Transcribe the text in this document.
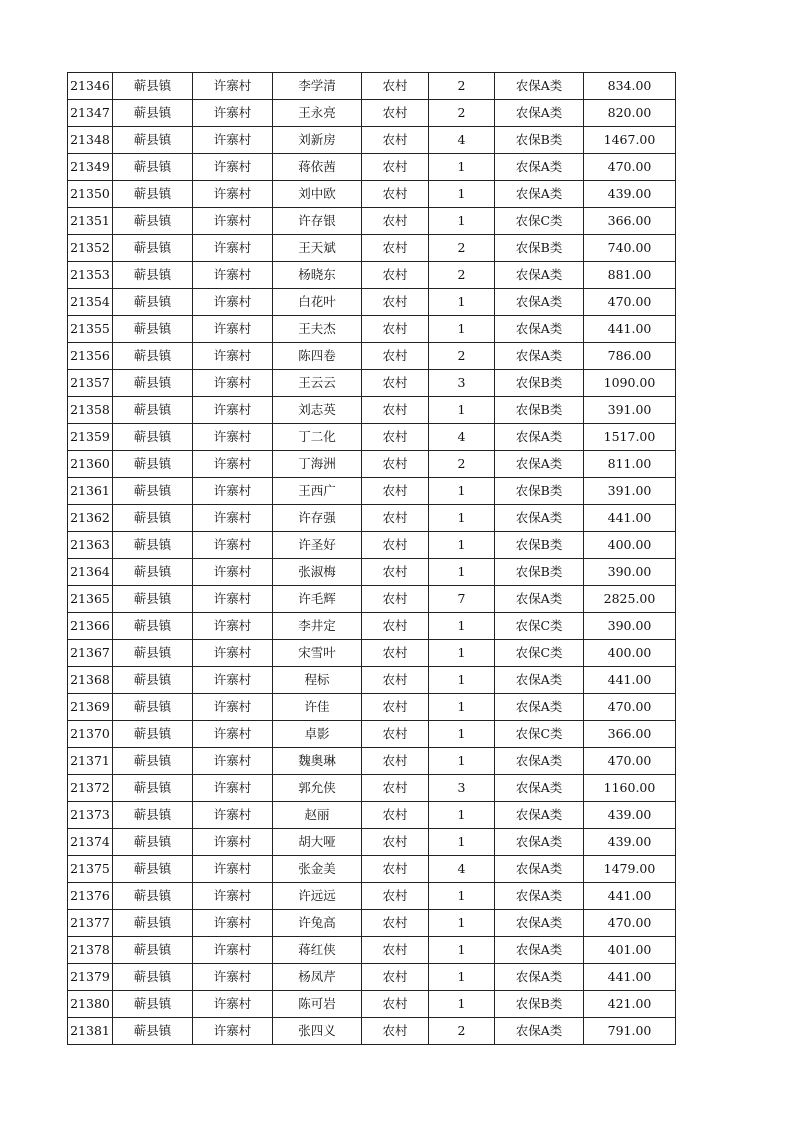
21346	蕲县镇	许寨村	李学清	农村	2	农保A类	834.00
21347	蕲县镇	许寨村	王永亮	农村	2	农保A类	820.00
21348	蕲县镇	许寨村	刘新房	农村	4	农保B类	1467.00
21349	蕲县镇	许寨村	蒋依茜	农村	1	农保A类	470.00
21350	蕲县镇	许寨村	刘中欧	农村	1	农保A类	439.00
21351	蕲县镇	许寨村	许存银	农村	1	农保C类	366.00
21352	蕲县镇	许寨村	王天斌	农村	2	农保B类	740.00
21353	蕲县镇	许寨村	杨晓东	农村	2	农保A类	881.00
21354	蕲县镇	许寨村	白花叶	农村	1	农保A类	470.00
21355	蕲县镇	许寨村	王夫杰	农村	1	农保A类	441.00
21356	蕲县镇	许寨村	陈四卷	农村	2	农保A类	786.00
21357	蕲县镇	许寨村	王云云	农村	3	农保B类	1090.00
21358	蕲县镇	许寨村	刘志英	农村	1	农保B类	391.00
21359	蕲县镇	许寨村	丁二化	农村	4	农保A类	1517.00
21360	蕲县镇	许寨村	丁海洲	农村	2	农保A类	811.00
21361	蕲县镇	许寨村	王西广	农村	1	农保B类	391.00
21362	蕲县镇	许寨村	许存强	农村	1	农保A类	441.00
21363	蕲县镇	许寨村	许圣好	农村	1	农保B类	400.00
21364	蕲县镇	许寨村	张淑梅	农村	1	农保B类	390.00
21365	蕲县镇	许寨村	许毛辉	农村	7	农保A类	2825.00
21366	蕲县镇	许寨村	李井定	农村	1	农保C类	390.00
21367	蕲县镇	许寨村	宋雪叶	农村	1	农保C类	400.00
21368	蕲县镇	许寨村	程标	农村	1	农保A类	441.00
21369	蕲县镇	许寨村	许佳	农村	1	农保A类	470.00
21370	蕲县镇	许寨村	卓影	农村	1	农保C类	366.00
21371	蕲县镇	许寨村	魏奥琳	农村	1	农保A类	470.00
21372	蕲县镇	许寨村	郭允侠	农村	3	农保A类	1160.00
21373	蕲县镇	许寨村	赵丽	农村	1	农保A类	439.00
21374	蕲县镇	许寨村	胡大哑	农村	1	农保A类	439.00
21375	蕲县镇	许寨村	张金美	农村	4	农保A类	1479.00
21376	蕲县镇	许寨村	许远远	农村	1	农保A类	441.00
21377	蕲县镇	许寨村	许兔高	农村	1	农保A类	470.00
21378	蕲县镇	许寨村	蒋红侠	农村	1	农保A类	401.00
21379	蕲县镇	许寨村	杨凤芹	农村	1	农保A类	441.00
21380	蕲县镇	许寨村	陈可岩	农村	1	农保B类	421.00
21381	蕲县镇	许寨村	张四义	农村	2	农保A类	791.00
